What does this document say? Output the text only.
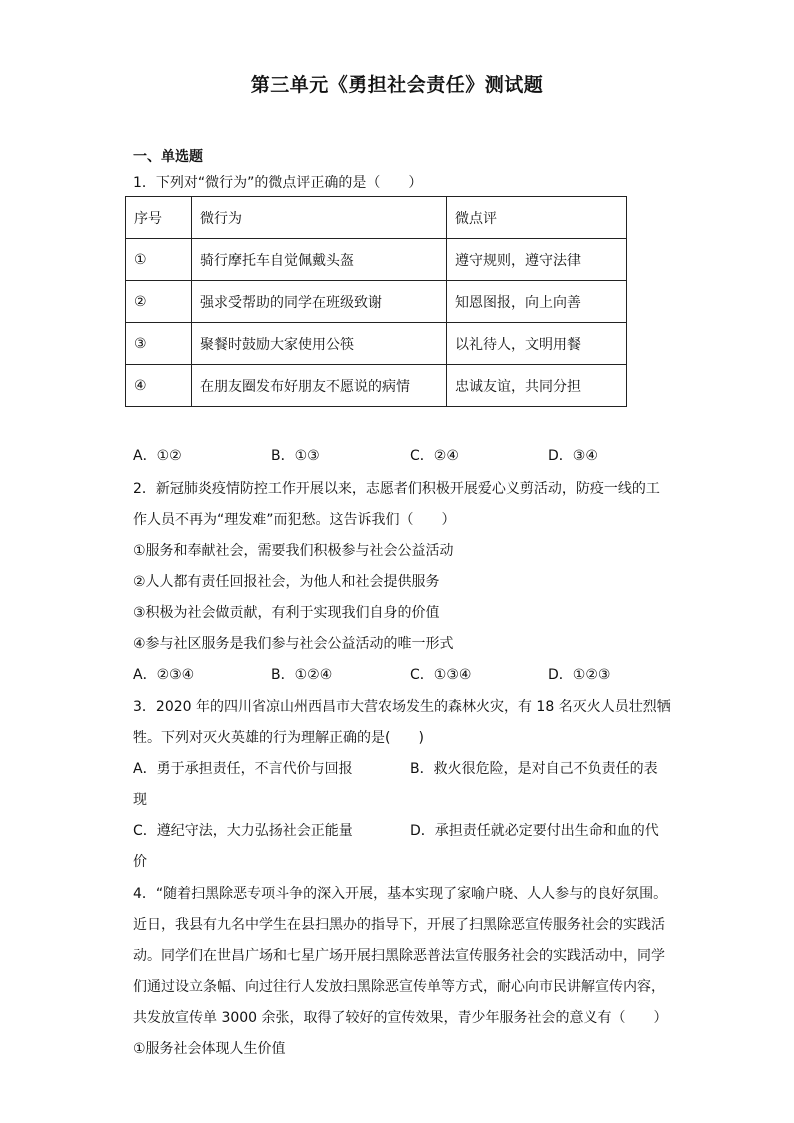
第三单元《勇担社会责任》测试题
一、单选题
1．下列对“微行为”的微点评正确的是（　　）
序号	微行为	微点评
①	骑行摩托车自觉佩戴头盔	遵守规则，遵守法律
②	强求受帮助的同学在班级致谢	知恩图报，向上向善
③	聚餐时鼓励大家使用公筷	以礼待人，文明用餐
④	在朋友圈发布好朋友不愿说的病情	忠诚友谊，共同分担
A．①②	B．①③	C．②④	D．③④
2．新冠肺炎疫情防控工作开展以来，志愿者们积极开展爱心义剪活动，防疫一线的工
作人员不再为“理发难”而犯愁。这告诉我们（　　）
①服务和奉献社会，需要我们积极参与社会公益活动
②人人都有责任回报社会，为他人和社会提供服务
③积极为社会做贡献，有利于实现我们自身的价值
④参与社区服务是我们参与社会公益活动的唯一形式
A．②③④	B．①②④	C．①③④	D．①②③
3．2020 年的四川省凉山州西昌市大营农场发生的森林火灾，有 18 名灭火人员壮烈牺
牲。下列对灭火英雄的行为理解正确的是(　　)
A．勇于承担责任，不言代价与回报	B．救火很危险，是对自己不负责任的表
现
C．遵纪守法，大力弘扬社会正能量	D．承担责任就必定要付出生命和血的代
价
4．“随着扫黑除恶专项斗争的深入开展，基本实现了家喻户晓、人人参与的良好氛围。
近日，我县有九名中学生在县扫黑办的指导下，开展了扫黑除恶宣传服务社会的实践活
动。同学们在世昌广场和七星广场开展扫黑除恶普法宣传服务社会的实践活动中，同学
们通过设立条幅、向过往行人发放扫黑除恶宣传单等方式，耐心向市民讲解宣传内容，
共发放宣传单 3000 余张，取得了较好的宣传效果，青少年服务社会的意义有（　　）
①服务社会体现人生价值
